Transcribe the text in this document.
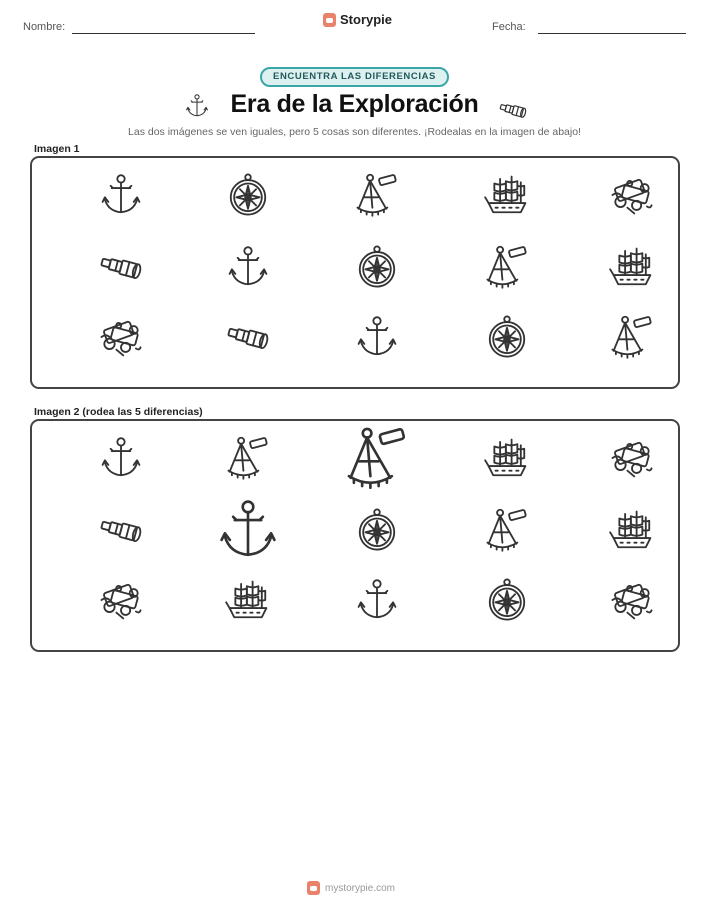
Nombre:	Storypie	Fecha:
ENCUENTRA LAS DIFERENCIAS
Era de la Exploración
Las dos imágenes se ven iguales, pero 5 cosas son diferentes. ¡Rodealas en la imagen de abajo!
Imagen 1
Imagen 2 (rodea las 5 diferencias)
mystorypie.com
